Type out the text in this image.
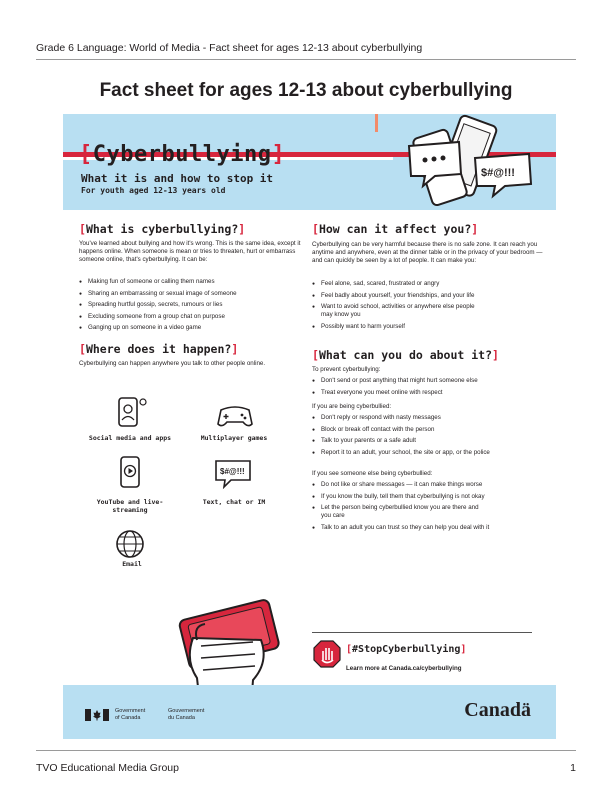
Grade 6 Language: World of Media - Fact sheet for ages 12-13 about cyberbullying
Fact sheet for ages 12-13 about cyberbullying
[Cyberbullying]
What it is and how to stop it
For youth aged 12-13 years old
$#@!!!
[What is cyberbullying?]
You've learned about bullying and how it's wrong. This is the same idea, except it happens online. When someone is mean or tries to threaten, hurt or embarrass someone online, that's cyberbullying. It can be:
● Making fun of someone or calling them names
● Sharing an embarrassing or sexual image of someone
● Spreading hurtful gossip, secrets, rumours or lies
● Excluding someone from a group chat on purpose
● Ganging up on someone in a video game
[Where does it happen?]
Cyberbullying can happen anywhere you talk to other people online.
Social media and apps	Multiplayer games
YouTube and live-streaming
$#@!!!
Text, chat or IM
Email
[How can it affect you?]
Cyberbullying can be very harmful because there is no safe zone. It can reach you anytime and anywhere, even at the dinner table or in the privacy of your bedroom — and can quickly be seen by a lot of people. It can make you:
● Feel alone, sad, scared, frustrated or angry
● Feel badly about yourself, your friendships, and your life
● Want to avoid school, activities or anywhere else people may know you
● Possibly want to harm yourself
[What can you do about it?]
To prevent cyberbullying:
● Don't send or post anything that might hurt someone else
● Treat everyone you meet online with respect
If you are being cyberbullied:
● Don't reply or respond with nasty messages
● Block or break off contact with the person
● Talk to your parents or a safe adult
● Report it to an adult, your school, the site or app, or the police
If you see someone else being cyberbullied:
● Do not like or share messages — it can make things worse
● If you know the bully, tell them that cyberbullying is not okay
● Let the person being cyberbullied know you are there and you care
● Talk to an adult you can trust so they can help you deal with it
[#StopCyberbullying]
Learn more at Canada.ca/cyberbullying
Government
of Canada
Gouvernement
du Canada	Canadä
TVO Educational Media Group	1
